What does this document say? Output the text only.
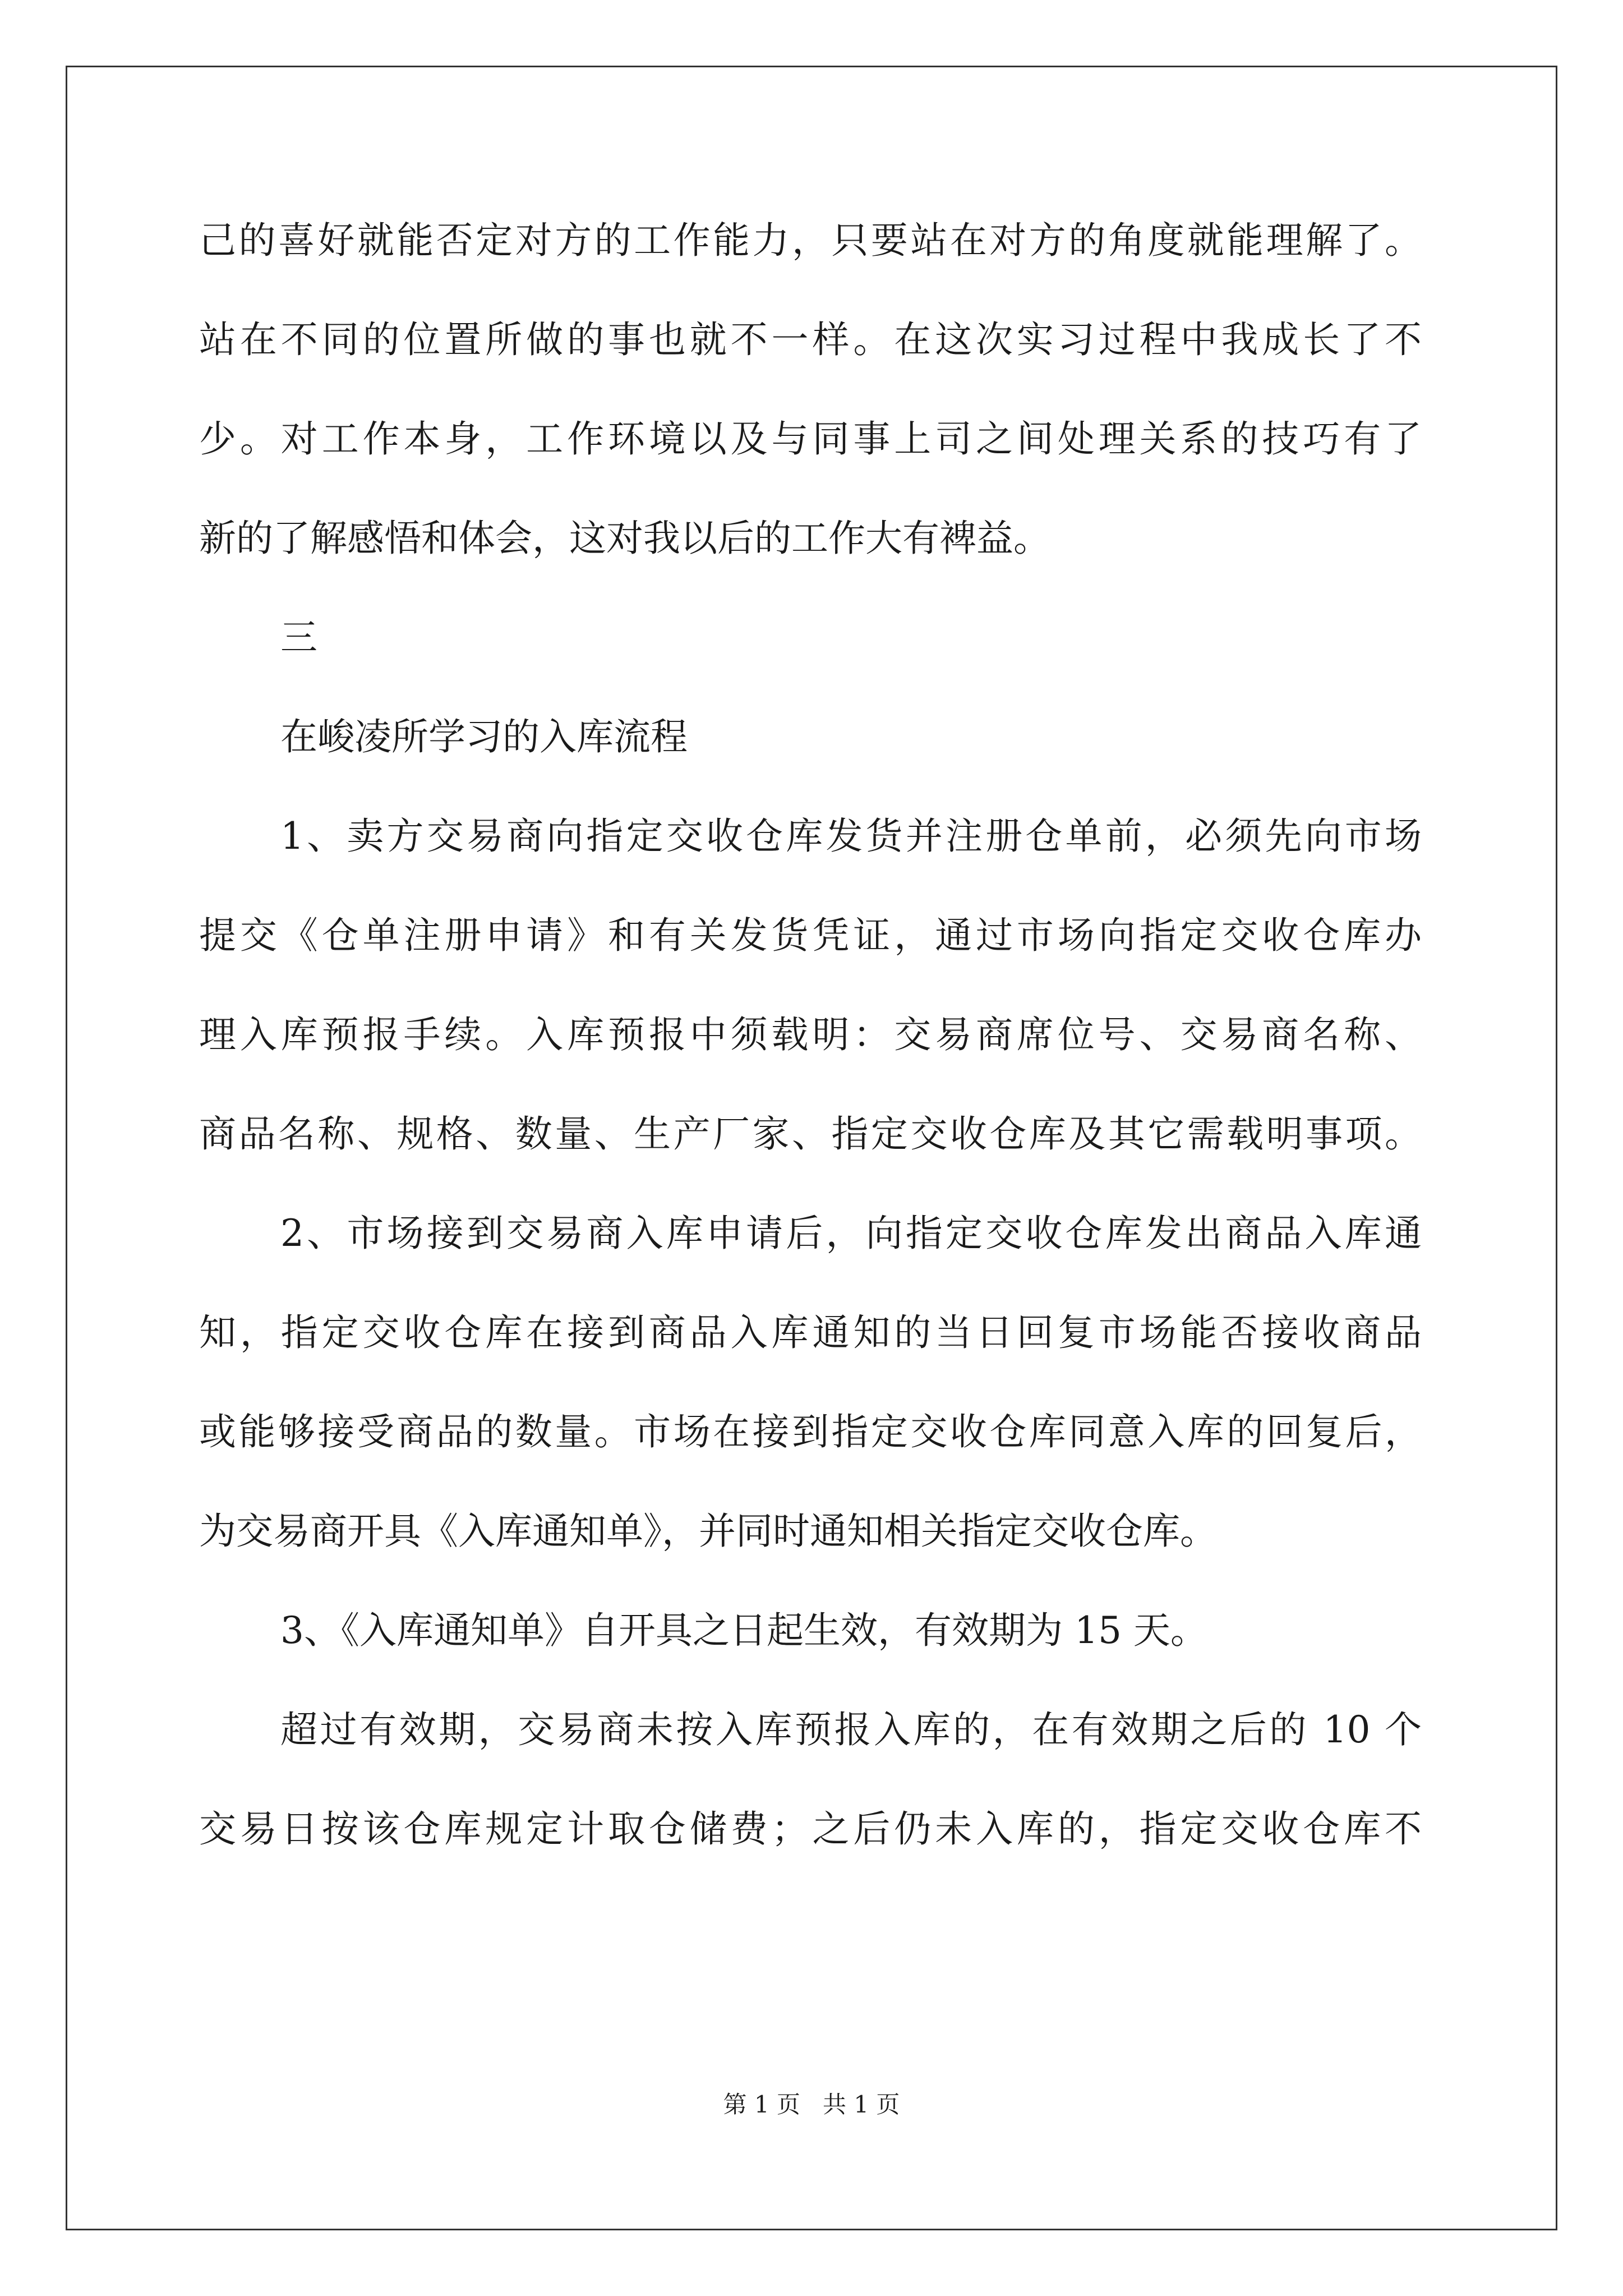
己的喜好就能否定对方的工作能力，只要站在对方的角度就能理解了。
站在不同的位置所做的事也就不一样。在这次实习过程中我成长了不
少。对工作本身，工作环境以及与同事上司之间处理关系的技巧有了
新的了解感悟和体会，这对我以后的工作大有裨益。
三
在峻凌所学习的入库流程
1、卖方交易商向指定交收仓库发货并注册仓单前，必须先向市场
提交《仓单注册申请》和有关发货凭证，通过市场向指定交收仓库办
理入库预报手续。入库预报中须载明：交易商席位号、交易商名称、
商品名称、规格、数量、生产厂家、指定交收仓库及其它需载明事项。
2、市场接到交易商入库申请后，向指定交收仓库发出商品入库通
知，指定交收仓库在接到商品入库通知的当日回复市场能否接收商品
或能够接受商品的数量。市场在接到指定交收仓库同意入库的回复后，
为交易商开具《入库通知单》，并同时通知相关指定交收仓库。
3、《入库通知单》自开具之日起生效，有效期为 15 天。
超过有效期，交易商未按入库预报入库的，在有效期之后的 10 个
交易日按该仓库规定计取仓储费；之后仍未入库的，指定交收仓库不
第 1 页 共 1 页
